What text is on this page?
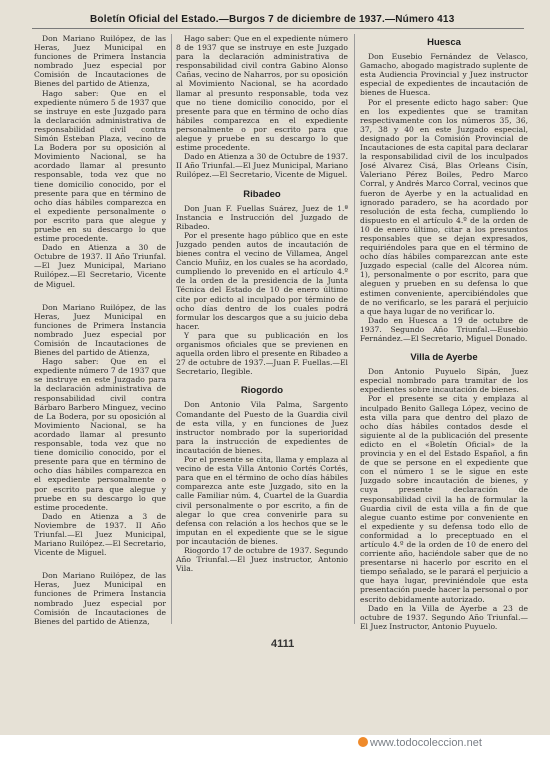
Boletín Oficial del Estado.—Burgos 7 de diciembre de 1937.—Número 413

Don Mariano Ruilópez, de las Heras, Juez Municipal en funciones de Primera Instancia nombrado Juez especial por Comisión de Incautaciones de Bienes del partido de Atienza,

Hago saber: Que en el expediente número 5 de 1937 que se instruye en este Juzgado para la declaración administrativa de responsabilidad civil contra Simón Esteban Plaza, vecino de La Bodera por su oposición al Movimiento Nacional, se ha acordado llamar al presunto responsable, toda vez que no tiene domicilio conocido, por el presente para que en término de ocho días hábiles comparezca en el expediente personalmente o por escrito para que alegue y pruebe en su descargo lo que estime procedente.

Dado en Atienza a 30 de Octubre de 1937. II Año Triunfal.—El Juez Municipal, Mariano Ruilópez.—El Secretario, Vicente de Miguel.

Don Mariano Ruilópez, de las Heras, Juez Municipal en funciones de Primera Instancia nombrado Juez especial por Comisión de Incautaciones de Bienes del partido de Atienza,

Hago saber: Que en el expediente número 7 de 1937 que se instruye en este Juzgado para la declaración administrativa de responsabilidad civil contra Bárbaro Barbero Minguez, vecino de La Bodera, por su oposición al Movimiento Nacional, se ha acordado llamar al presunto responsable, toda vez que no tiene domicilio conocido, por el presente para que en término de ocho días hábiles comparezca en el expediente personalmente o por escrito para que alegue y pruebe en su descargo lo que estime procedente.

Dado en Atienza a 3 de Noviembre de 1937. II Año Triunfal.—El Juez Municipal, Mariano Ruilópez.—El Secretario, Vicente de Miguel.

Don Mariano Ruilópez, de las Heras, Juez Municipal en funciones de Primera Instancia nombrado Juez especial por Comisión de Incautaciones de Bienes del partido de Atienza,

Hago saber: Que en el expediente número 8 de 1937 que se instruye en este Juzgado para la declaración administrativa de responsabilidad civil contra Gabino Alonso Cañas, vecino de Naharros, por su oposición al Movimiento Nacional, se ha acordado llamar al presunto responsable, toda vez que no tiene domicilio conocido, por el presente para que en término de ocho días hábiles comparezca en el expediente personalmente o por escrito para que alegue y pruebe en su descargo lo que estime procedente.

Dado en Atienza a 30 de Octubre de 1937. II Año Triunfal.—El Juez Municipal, Mariano Ruilópez.—El Secretario, Vicente de Miguel.

Ribadeo

Don Juan F. Fuellas Suárez, Juez de 1.ª Instancia e Instrucción del Juzgado de Ribadeo.

Por el presente hago público que en este Juzgado penden autos de incautación de bienes contra el vecino de Villamea, Angel Cancio Muñiz, en los cuales se ha acordado, cumpliendo lo prevenido en el artículo 4.º de la orden de la presidencia de la Junta Técnica del Estado de 10 de enero último cite por edicto al inculpado por término de ocho días dentro de los cuales podrá formular los descargos que a su juicio deba hacer.

Y para que su publicación en los organismos oficiales que se previenen en aquella orden libro el presente en Ribadeo a 27 de octubre de 1937.—Juan F. Fuellas.—El Secretario, Ilegible.

Riogordo

Don Antonio Vila Palma, Sargento Comandante del Puesto de la Guardia civil de esta villa, y en funciones de Juez instructor nombrado por la superioridad para la instrucción de expedientes de incautación de bienes.

Por el presente se cita, llama y emplaza al vecino de esta Villa Antonio Cortés Cortés, para que en el término de ocho días hábiles comparezca ante este Juzgado, sito en la calle Familiar núm. 4, Cuartel de la Guardia civil personalmente o por escrito, a fin de alegar lo que crea convenirle para su defensa con relación a los hechos que se le imputan en el expediente que se le sigue por incautación de bienes.

Riogordo 17 de octubre de 1937. Segundo Año Triunfal.—El Juez instructor, Antonio Vila.

Huesca

Don Eusebio Fernández de Velasco, Gamacho, abogado magistrado suplente de esta Audiencia Provincial y Juez instructor especial de expedientes de incautación de bienes de Huesca.

Por el presente edicto hago saber: Que en los expedientes que se tramitan respectivamente con los números 35, 36, 37, 38 y 40 en este Juzgado especial, designado por la Comisión Provincial de Incautaciones de esta capital para declarar la responsabilidad civil de los inculpados José Alvarez Cisá, Blas Orleans Cisín, Valeriano Pérez Boiles, Pedro Marco Corral, y Andrés Marco Corral, vecinos que fueron de Ayerbe y en la actualidad en ignorado paradero, se ha acordado por resolución de esta fecha, cumpliendo lo dispuesto en el artículo 4.º de la orden de 10 de enero último, citar a los presuntos responsables que se dejan expresados, requiriéndoles para que en el término de ocho días hábiles comparezcan ante este Juzgado especial (calle del Alcorea núm. 1), personalmente o por escrito, para que aleguen y prueben en su defensa lo que estimen conveniente, apercibiéndoles que de no verificarlo, se les parará el perjuicio a que haya lugar de no verificar lo.

Dado en Huesca a 19 de octubre de 1937. Segundo Año Triunfal.—Eusebio Fernández.—El Secretario, Miguel Donado.

Villa de Ayerbe

Don Antonio Puyuelo Sipán, Juez especial nombrado para tramitar de los expedientes sobre incautación de bienes.

Por el presente se cita y emplaza al inculpado Benito Gallega López, vecino de esta villa para que dentro del plazo de ocho días hábiles contados desde el siguiente al de la publicación del presente edicto en el «Boletín Oficial» de la provincia y en el del Estado Español, a fin de que se persone en el expediente que con el número 1 se le sigue en este Juzgado sobre incautación de bienes, y cuya presente declaración de responsabilidad civil la ha de formular la Guardia civil de esta villa a fin de que alegue cuanto estime por conveniente en el expediente y su defensa todo ello de conformidad a lo preceptuado en el artículo 4.º de la orden de 10 de enero del corriente año, haciéndole saber que de no presentarse ni hacerlo por escrito en el tiempo señalado, se le parará el perjuicio a que haya lugar, previniéndole que esta presentación puede hacer la personal o por escrito debidamente autorizado.

Dado en la Villa de Ayerbe a 23 de octubre de 1937. Segundo Año Triunfal.—El Juez Instructor, Antonio Puyuelo.

4111
www.todocoleccion.net
